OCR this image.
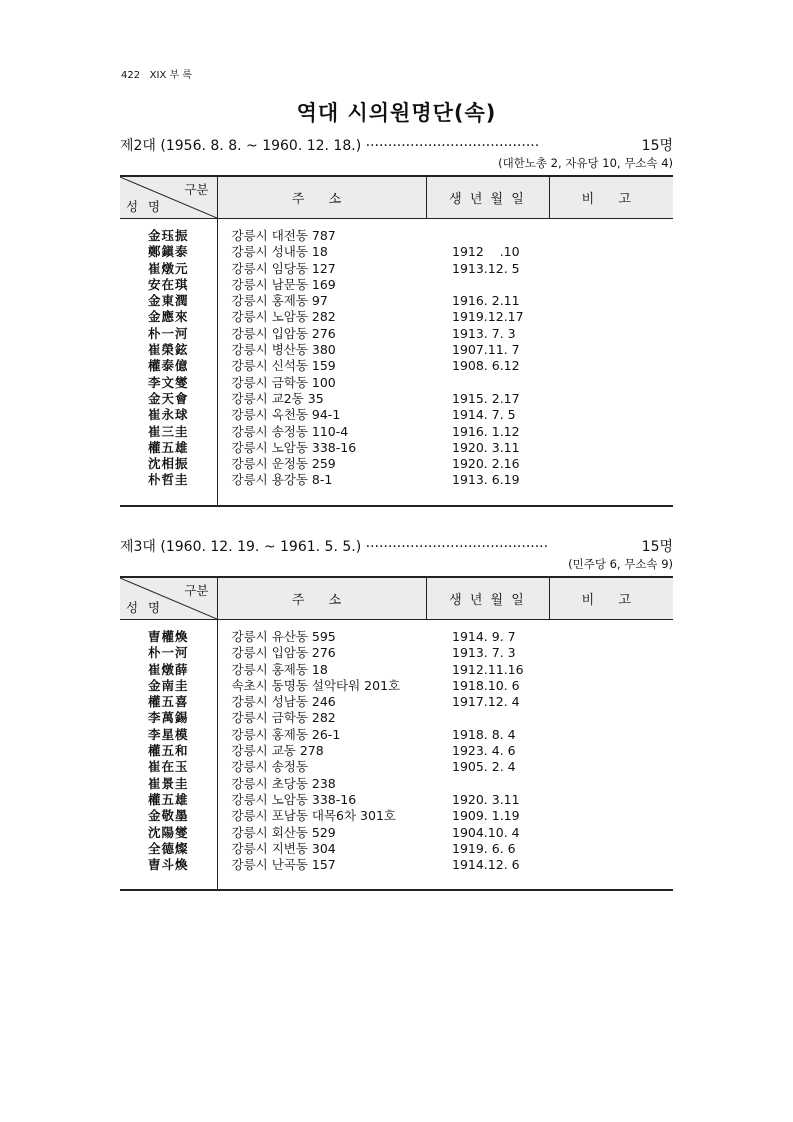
422 XIX 부 록
역대 시의원명단(속)
제2대 (1956. 8. 8. ~ 1960. 12. 18.) ·······································	15명
(대한노총 2, 자유당 10, 무소속 4)
구분
성 명	주 소	생 년 월 일	비 고

金珏振	강릉시 대전동 787		
鄭鎭泰	강릉시 성내동 18	1912    .10	
崔燉元	강릉시 임당동 127	1913.12. 5	
安在琪	강릉시 남문동 169		
金東潤	강릉시 홍제동 97	1916. 2.11	
金應來	강릉시 노암동 282	1919.12.17	
朴一河	강릉시 입암동 276	1913. 7. 3	
崔榮鉉	강릉시 병산동 380	1907.11. 7	
權泰億	강릉시 신석동 159	1908. 6.12	
李文燮	강릉시 금학동 100		
金天會	강릉시 교2동 35	1915. 2.17	
崔永球	강릉시 옥천동 94-1	1914. 7. 5	
崔三圭	강릉시 송정동 110-4	1916. 1.12	
權五雄	강릉시 노암동 338-16	1920. 3.11	
沈相振	강릉시 운정동 259	1920. 2.16	
朴哲圭	강릉시 용강동 8-1	1913. 6.19	

제3대 (1960. 12. 19. ~ 1961. 5. 5.) ·········································	15명
(민주당 6, 무소속 9)
구분
성 명	주 소	생 년 월 일	비 고

曺權煥	강릉시 유산동 595	1914. 9. 7	
朴一河	강릉시 입암동 276	1913. 7. 3	
崔燉薛	강릉시 홍제동 18	1912.11.16	
金南圭	속초시 동명동 설악타워 201호	1918.10. 6	
權五喜	강릉시 성남동 246	1917.12. 4	
李萬錫	강릉시 금학동 282		
李星模	강릉시 홍제동 26-1	1918. 8. 4	
權五和	강릉시 교동 278	1923. 4. 6	
崔在玉	강릉시 송정동	1905. 2. 4	
崔景圭	강릉시 초당동 238		
權五雄	강릉시 노암동 338-16	1920. 3.11	
金敬墨	강릉시 포남동 대목6차 301호	1909. 1.19	
沈陽燮	강릉시 회산동 529	1904.10. 4	
全德燦	강릉시 지변동 304	1919. 6. 6	
曺斗煥	강릉시 난곡동 157	1914.12. 6	
